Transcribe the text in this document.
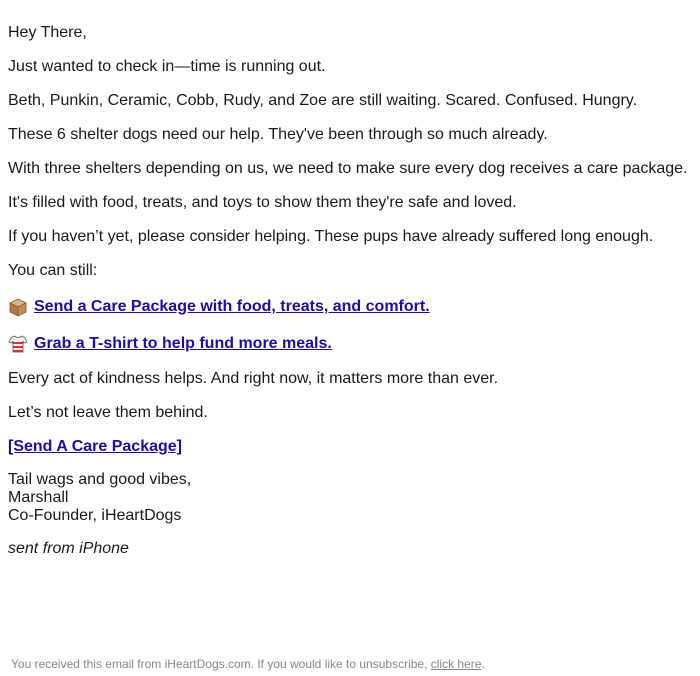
Hey There,
Just wanted to check in—time is running out.
Beth, Punkin, Ceramic, Cobb, Rudy, and Zoe are still waiting. Scared. Confused. Hungry.
These 6 shelter dogs need our help. They've been through so much already.
With three shelters depending on us, we need to make sure every dog receives a care package.
It's filled with food, treats, and toys to show them they're safe and loved.
If you haven’t yet, please consider helping. These pups have already suffered long enough.
You can still:
Send a Care Package with food, treats, and comfort.
Grab a T-shirt to help fund more meals.
Every act of kindness helps. And right now, it matters more than ever.
Let’s not leave them behind.
[Send A Care Package]
Tail wags and good vibes,
Marshall
Co-Founder, iHeartDogs
sent from iPhone
You received this email from iHeartDogs.com. If you would like to unsubscribe, click here.
